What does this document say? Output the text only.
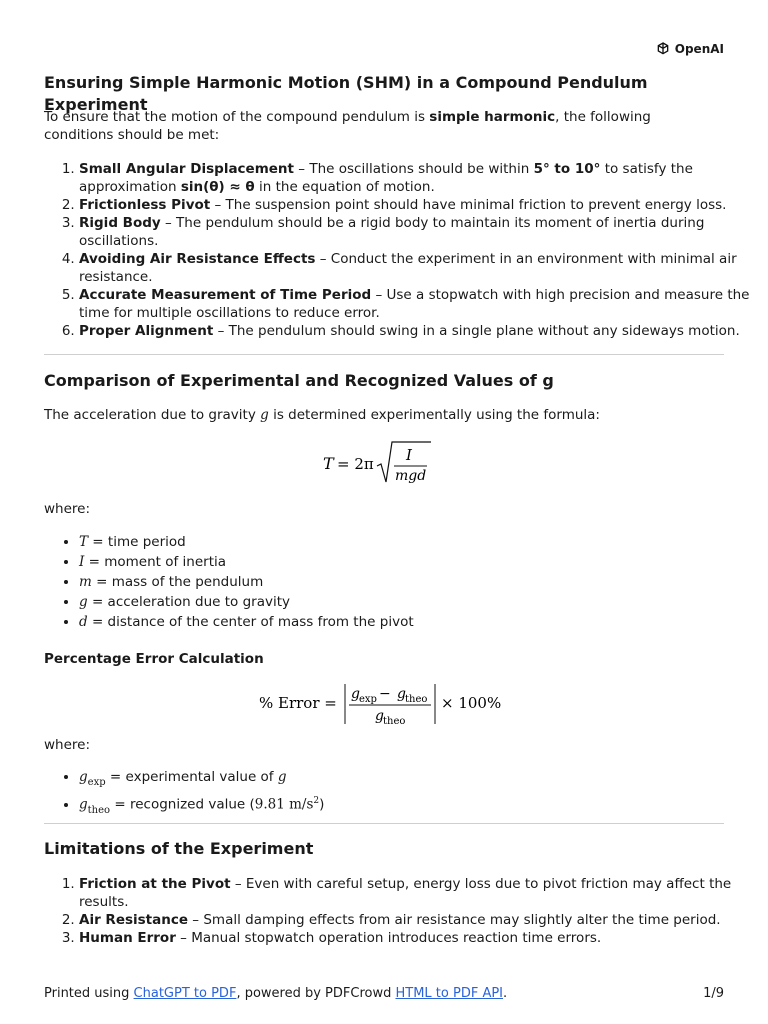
OpenAI
Ensuring Simple Harmonic Motion (SHM) in a Compound Pendulum Experiment

To ensure that the motion of the compound pendulum is simple harmonic, the following conditions should be met:

1. Small Angular Displacement – The oscillations should be within 5° to 10° to satisfy the approximation sin(θ) ≈ θ in the equation of motion.
2. Frictionless Pivot – The suspension point should have minimal friction to prevent energy loss.
3. Rigid Body – The pendulum should be a rigid body to maintain its moment of inertia during oscillations.
4. Avoiding Air Resistance Effects – Conduct the experiment in an environment with minimal air resistance.
5. Accurate Measurement of Time Period – Use a stopwatch with high precision and measure the time for multiple oscillations to reduce error.
6. Proper Alignment – The pendulum should swing in a single plane without any sideways motion.
Comparison of Experimental and Recognized Values of g

The acceleration due to gravity g is determined experimentally using the formula:

T = 2π I
mgd

where:

• T = time period
• I = moment of inertia
• m = mass of the pendulum
• g = acceleration due to gravity
• d = distance of the center of mass from the pivot
Percentage Error Calculation
% Error = g exp − g theo
g theo
× 100%

where:

• $g_{exp}$ = experimental value of g
• $g_{theo}$ = recognized value (9.81 $m/s^2$)
Limitations of the Experiment
1. Friction at the Pivot – Even with careful setup, energy loss due to pivot friction may affect the results.
2. Air Resistance – Small damping effects from air resistance may slightly alter the time period.
3. Human Error – Manual stopwatch operation introduces reaction time errors.
Printed using ChatGPT to PDF, powered by PDFCrowd HTML to PDF API.	1/9
